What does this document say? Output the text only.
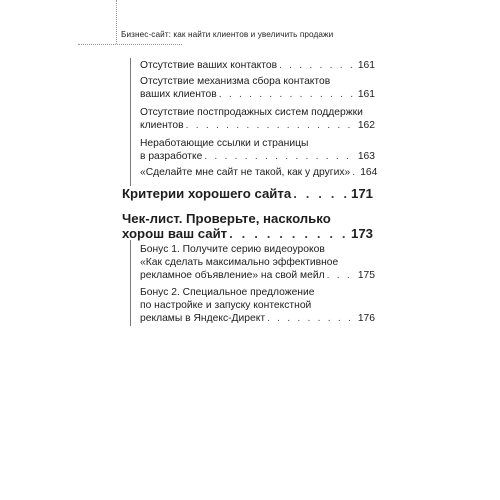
Бизнес-сайт: как найти клиентов и увеличить продажи
Отсутствие ваших контактов . . .	161
Отсутствие механизма сбора контактов
ваших клиентов . . .	161
Отсутствие постпродажных систем поддержки
клиентов . . .	162
Неработающие ссылки и страницы
в разработке . . .	163
«Сделайте мне сайт не такой, как у других» . . . 164
Критерии хорошего сайта . . .	171
Чек-лист. Проверьте, насколько
хорош ваш сайт . . .	173
Бонус 1. Получите серию видеоуроков
«Как сделать максимально эффективное
рекламное объявление» на свой мейл . . .	175
Бонус 2. Специальное предложение
по настройке и запуску контекстной
рекламы в Яндекс-Директ . . .	176
